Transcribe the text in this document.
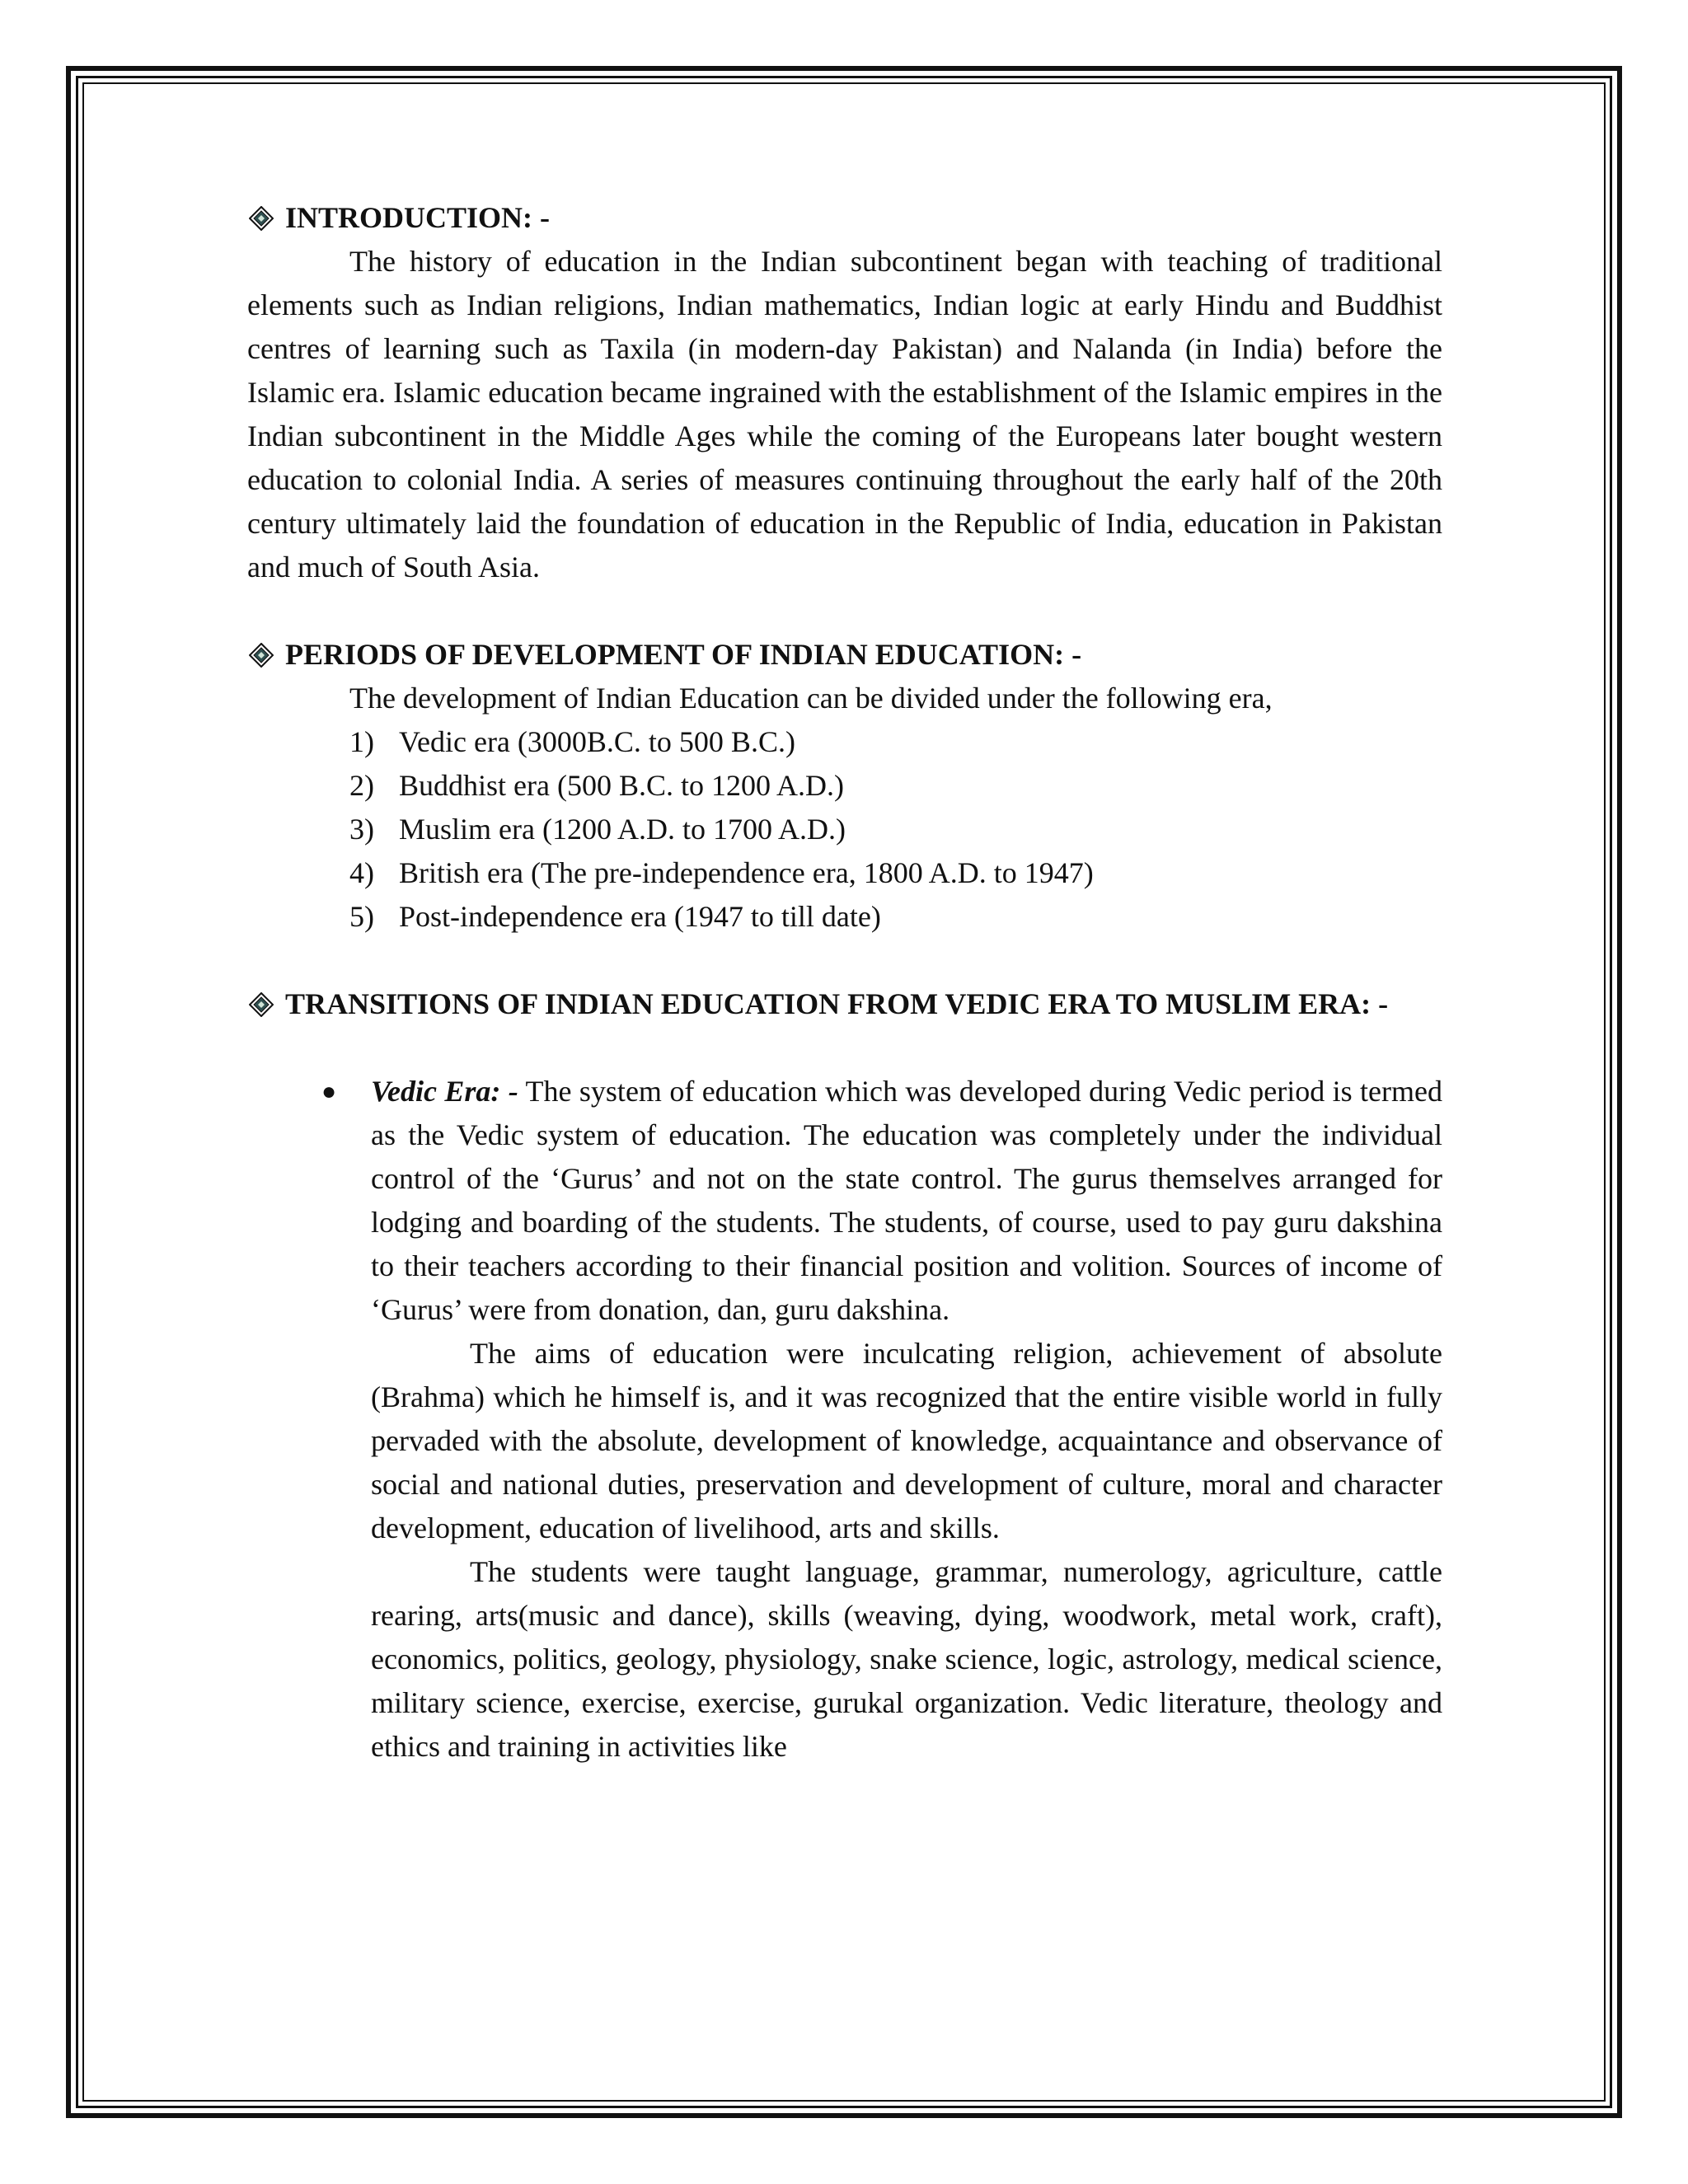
INTRODUCTION: -
The history of education in the Indian subcontinent began with teaching of traditional elements such as Indian religions, Indian mathematics, Indian logic at early Hindu and Buddhist centres of learning such as Taxila (in modern-day Pakistan) and Nalanda (in India) before the Islamic era. Islamic education became ingrained with the establishment of the Islamic empires in the Indian subcontinent in the Middle Ages while the coming of the Europeans later bought western education to colonial India. A series of measures continuing throughout the early half of the 20th century ultimately laid the foundation of education in the Republic of India, education in Pakistan and much of South Asia.
PERIODS OF DEVELOPMENT OF INDIAN EDUCATION: -
The development of Indian Education can be divided under the following era,
1) Vedic era (3000B.C. to 500 B.C.)
2) Buddhist era (500 B.C. to 1200 A.D.)
3) Muslim era (1200 A.D. to 1700 A.D.)
4) British era (The pre-independence era, 1800 A.D. to 1947)
5) Post-independence era (1947 to till date)
TRANSITIONS OF INDIAN EDUCATION FROM VEDIC ERA TO MUSLIM ERA: -
●	Vedic Era: - The system of education which was developed during Vedic period is termed as the Vedic system of education. The education was completely under the individual control of the ‘Gurus’ and not on the state control. The gurus themselves arranged for lodging and boarding of the students. The students, of course, used to pay guru dakshina to their teachers according to their financial position and volition. Sources of income of ‘Gurus’ were from donation, dan, guru dakshina.
The aims of education were inculcating religion, achievement of absolute (Brahma) which he himself is, and it was recognized that the entire visible world in fully pervaded with the absolute, development of knowledge, acquaintance and observance of social and national duties, preservation and development of culture, moral and character development, education of livelihood, arts and skills.
The students were taught language, grammar, numerology, agriculture, cattle rearing, arts(music and dance), skills (weaving, dying, woodwork, metal work, craft), economics, politics, geology, physiology, snake science, logic, astrology, medical science, military science, exercise, exercise, gurukal organization. Vedic literature, theology and ethics and training in activities like
